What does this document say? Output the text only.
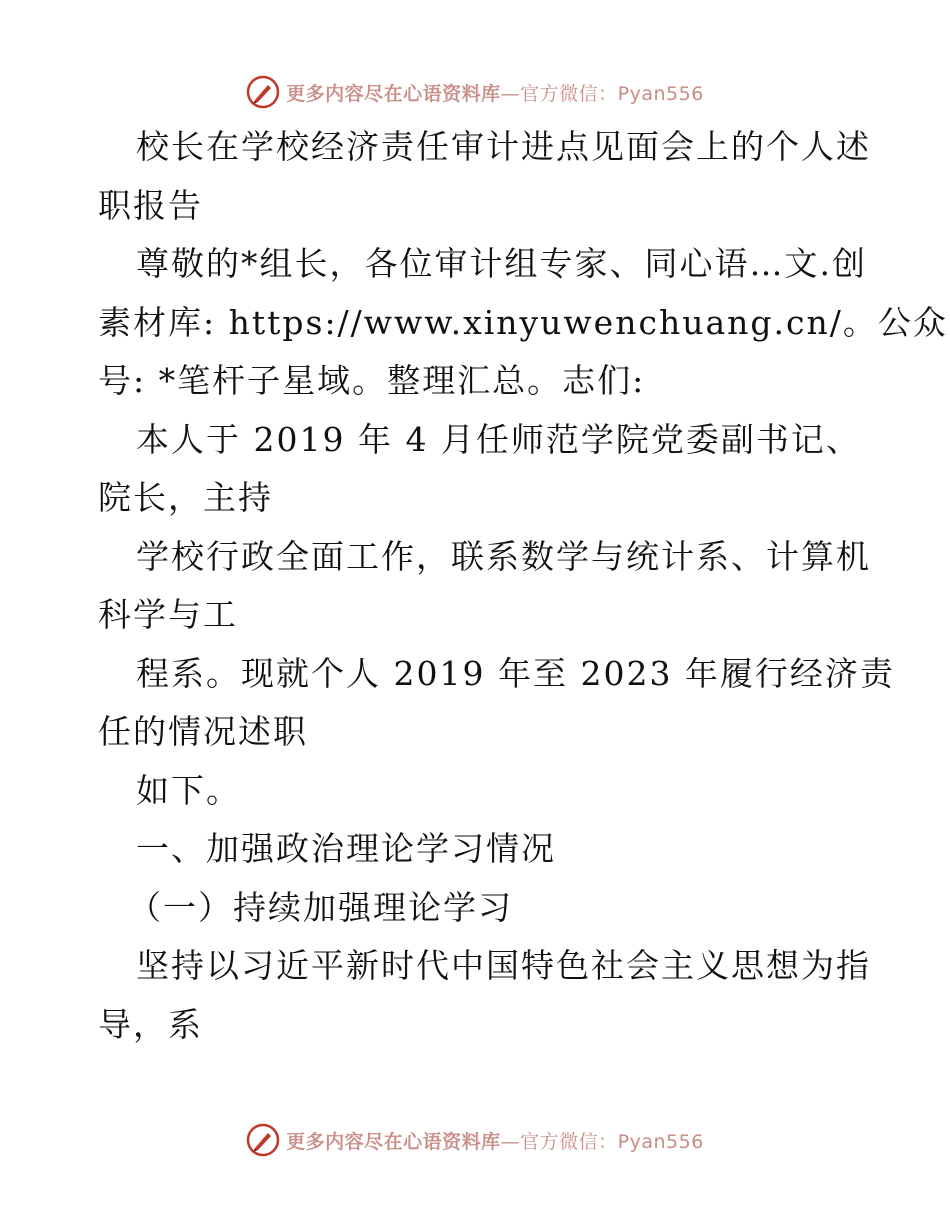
更多内容尽在心语资料库—官方微信：Pyan556

校长在学校经济责任审计进点见面会上的个人述

职报告

尊敬的*组长，各位审计组专家、同心语…文.创

素材库: https://www.xinyuwenchuang.cn/。公众

号: *笔杆子星域。整理汇总。志们:

本人于 2019 年 4 月任师范学院党委副书记、

院长，主持

学校行政全面工作，联系数学与统计系、计算机

科学与工

程系。现就个人 2019 年至 2023 年履行经济责

任的情况述职

如下。

一、加强政治理论学习情况

（一）持续加强理论学习

坚持以习近平新时代中国特色社会主义思想为指

导，系

更多内容尽在心语资料库—官方微信：Pyan556
